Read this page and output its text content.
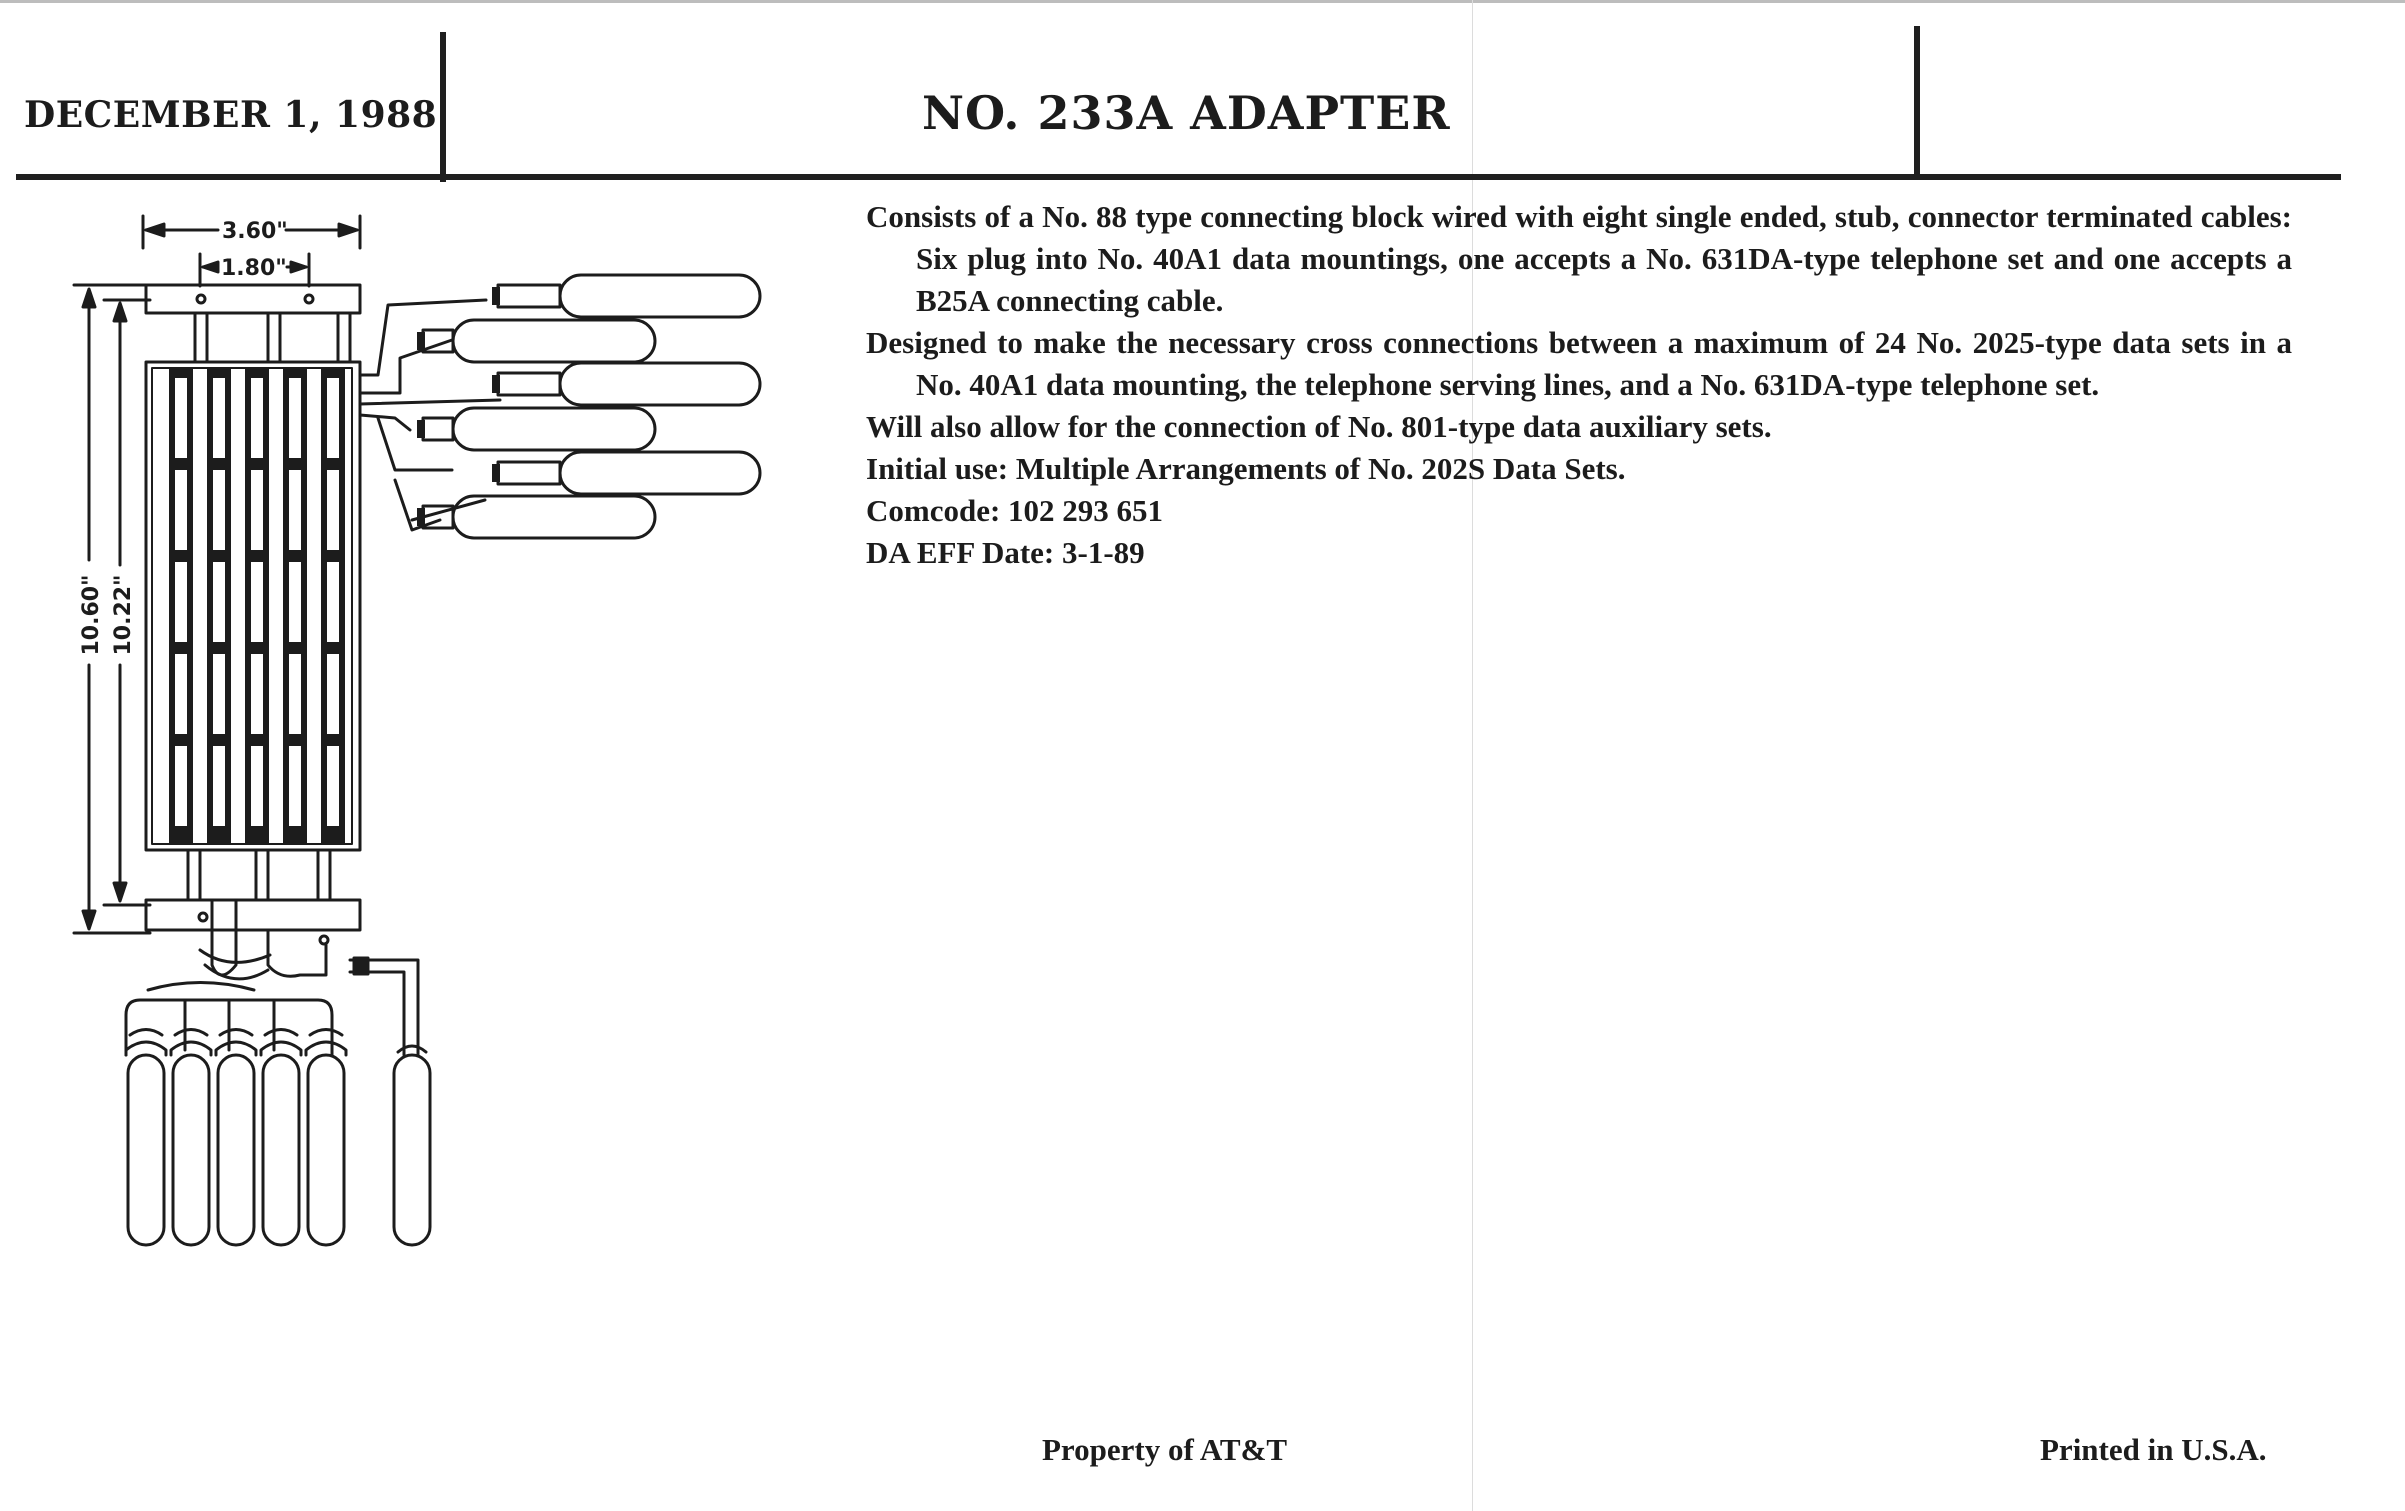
DECEMBER 1, 1988	NO. 233A ADAPTER
3.60"
1.80"
10.60" 10.22"

Consists of a No. 88 type connecting block wired with eight single ended, stub, connector terminated cables: Six plug into No. 40A1 data mountings, one accepts a No. 631DA-type telephone set and one accepts a B25A connecting cable.

Designed to make the necessary cross connections between a maximum of 24 No. 2025-type data sets in a No. 40A1 data mounting, the telephone serving lines, and a No. 631DA-type telephone set.

Will also allow for the connection of No. 801-type data auxiliary sets.

Initial use: Multiple Arrangements of No. 202S Data Sets.

Comcode: 102 293 651

DA EFF Date: 3-1-89

Property of AT&T	Printed in U.S.A.
